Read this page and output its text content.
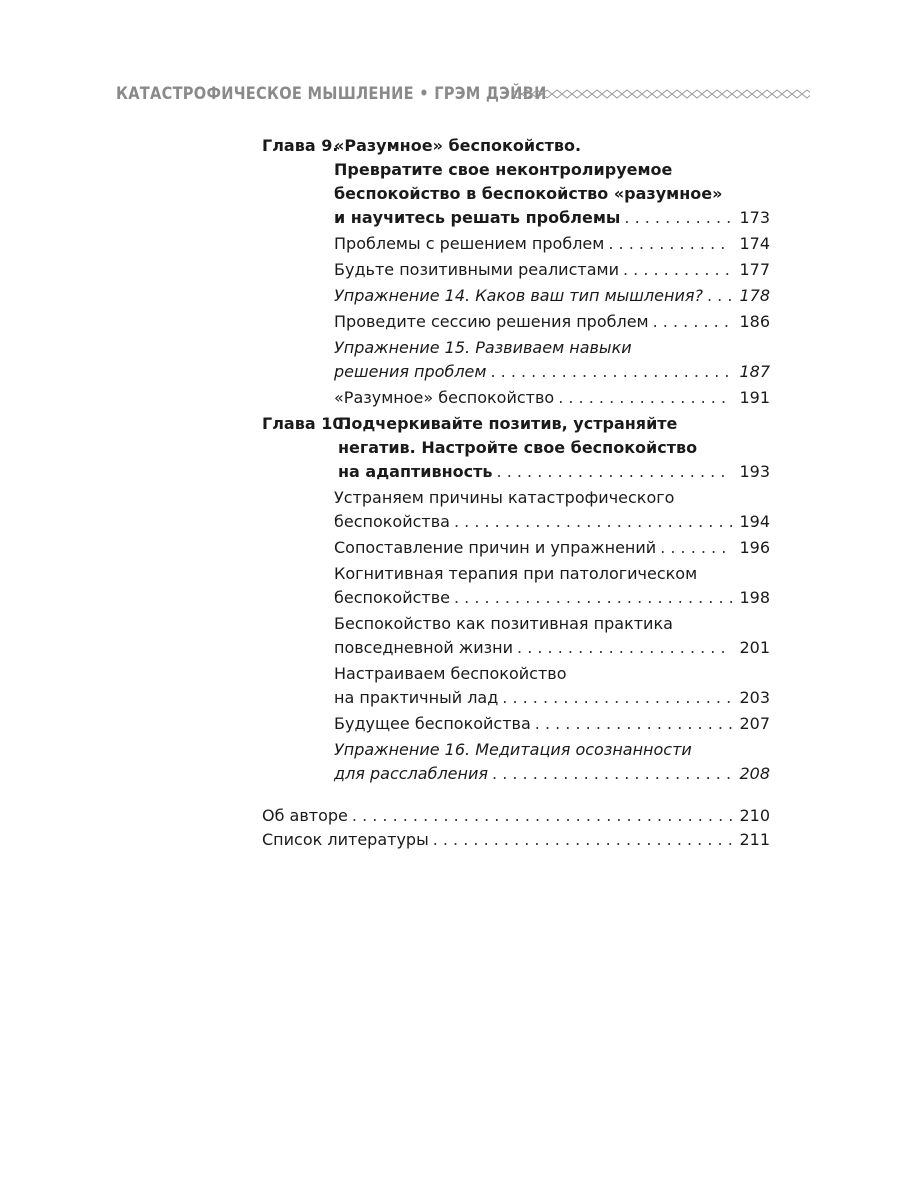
КАТАСТРОФИЧЕСКОЕ МЫШЛЕНИЕ • ГРЭМ ДЭЙВИ
Глава 9.
«Разумное» беспокойство.
Превратите свое неконтролируемое
беспокойство в беспокойство «разумное»
и научитесь решать проблемы . . .	173
Проблемы с решением проблем . . .	174
Будьте позитивными реалистами . . .	177
Упражнение 14. Каков ваш тип мышления? . . . 178
Проведите сессию решения проблем . . .	186
Упражнение 15. Развиваем навыки
решения проблем . . .	187
«Разумное» беспокойство . . .	191
Глава 10.
Подчеркивайте позитив, устраняйте
негатив. Настройте свое беспокойство
на адаптивность . . .	193
Устраняем причины катастрофического
беспокойства . . .	194
Сопоставление причин и упражнений . . .	196
Когнитивная терапия при патологическом
беспокойстве . . .	198
Беспокойство как позитивная практика
повседневной жизни . . .	201
Настраиваем беспокойство
на практичный лад . . .	203
Будущее беспокойства . . .	207
Упражнение 16. Медитация осознанности
для расслабления . . .	208
Об авторе . . .	210
Список литературы . . .	211
